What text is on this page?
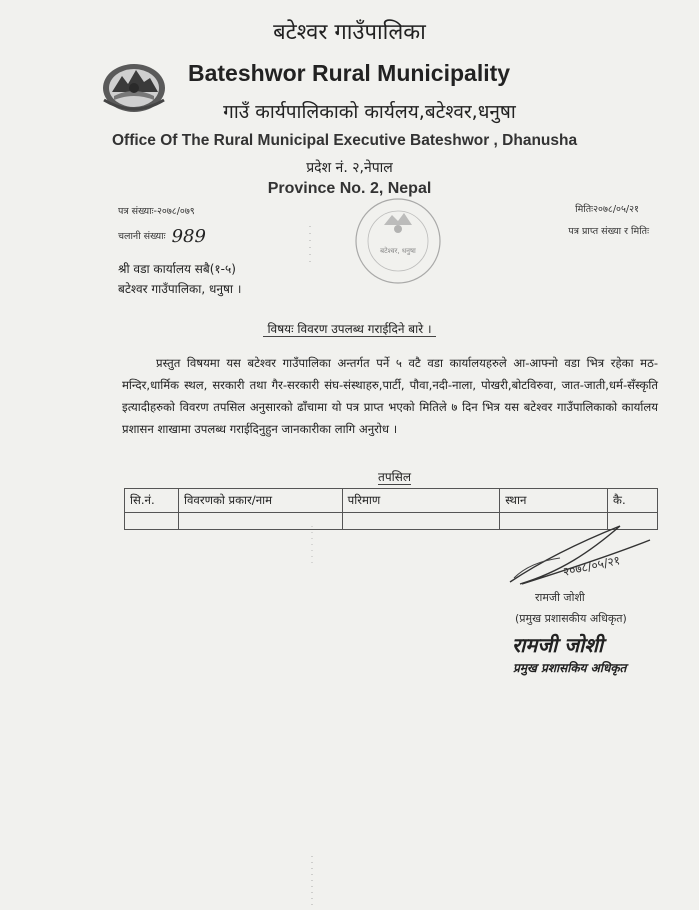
बटेश्वर गाउँपालिका
Bateshwor Rural Municipality
गाउँ कार्यपालिकाको कार्यलय,बटेश्वर,धनुषा
Office Of The Rural Municipal Executive Bateshwor , Dhanusha
प्रदेश नं. २,नेपाल
Province No. 2, Nepal
पत्र संख्याः-२०७८/०७९
चलानी संख्याः 989
मितिः२०७८/०५/२१
पत्र प्राप्त संख्या र मितिः
बटेश्वर, धनुषा
श्री वडा कार्यालय सबै(१-५)
बटेश्वर गाउँपालिका, धनुषा ।
विषयः विवरण उपलब्ध गराईदिने बारे ।
प्रस्तुत विषयमा यस बटेश्वर गाउँपालिका अन्तर्गत पर्ने ५ वटै वडा कार्यालयहरुले आ-आफ्नो वडा भित्र रहेका मठ-मन्दिर,धार्मिक स्थल, सरकारी तथा गैर-सरकारी संघ-संस्थाहरु,पार्टी, पौवा,नदी-नाला, पोखरी,बोटविरुवा, जात-जाती,धर्म-सँस्कृति इत्यादीहरुको विवरण तपसिल अनुसारको ढाँचामा यो पत्र प्राप्त भएको मितिले ७ दिन भित्र यस बटेश्वर गाउँपालिकाको कार्यालय प्रशासन शाखामा उपलब्ध गराईदिनुहुन जानकारीका लागि अनुरोध ।
तपसिल
सि.नं.	विवरणको प्रकार/नाम	परिमाण	स्थान	कै.

२०७८/०५/२१
रामजी जोशी
(प्रमुख प्रशासकीय अधिकृत)
रामजी जोशी
प्रमुख प्रशासकिय अधिकृत
